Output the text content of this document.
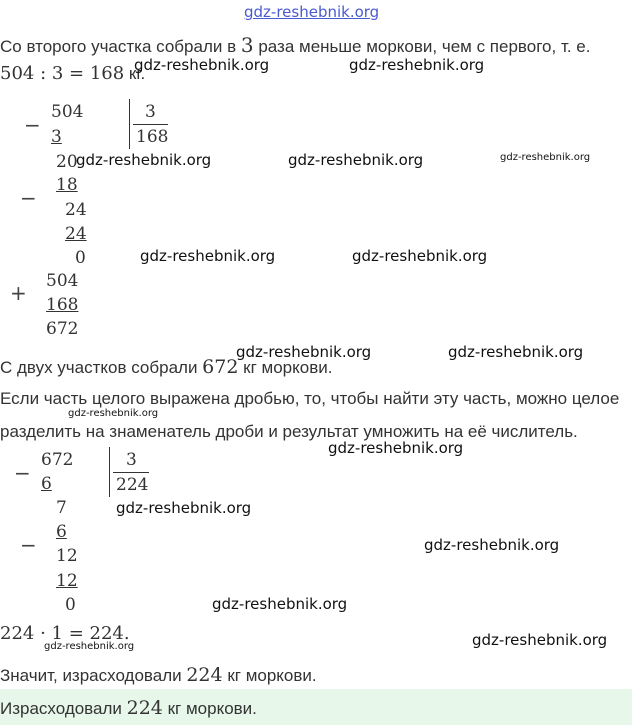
gdz-reshebnik.org
Со второго участка собрали в 3 раза меньше моркови, чем с первого, т. е.
504 : 3 = 168 кг.
gdz-reshebnik.org	gdz-reshebnik.org
−
504
3
3
168
20
−
18
24
24
0
gdz-reshebnik.org	gdz-reshebnik.org	gdz-reshebnik.org
gdz-reshebnik.org	gdz-reshebnik.org
+ 504
168
672
С двух участков собрали 672 кг моркови.
gdz-reshebnik.org	gdz-reshebnik.org
Если часть целого выражена дробью, то, чтобы найти эту часть, можно целое
gdz-reshebnik.org
разделить на знаменатель дроби и результат умножить на её числитель.
gdz-reshebnik.org
−
672
6
3
224
7
−
6
12
12
0
gdz-reshebnik.org
gdz-reshebnik.org
gdz-reshebnik.org
224 · 1 = 224.
gdz-reshebnik.org	gdz-reshebnik.org
Значит, израсходовали 224 кг моркови.
Израсходовали 224 кг моркови.
